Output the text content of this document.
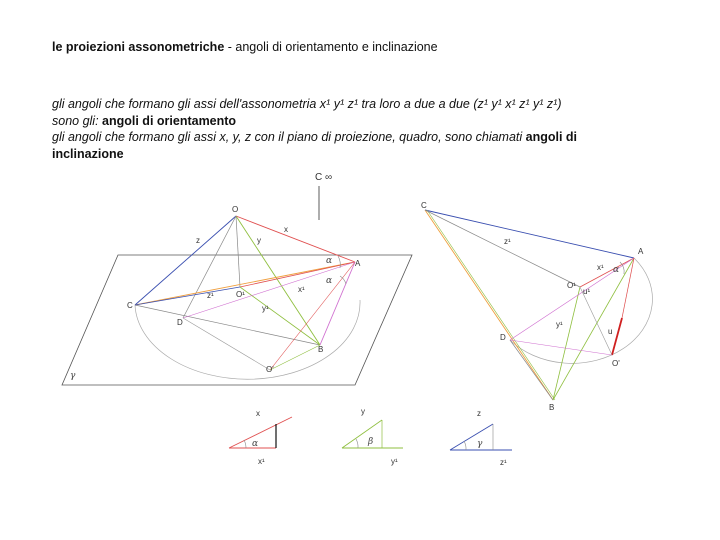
le proiezioni assonometriche - angoli di orientamento e inclinazione
gli angoli che formano gli assi dell'assonometria x¹ y¹ z¹ tra loro a due a due (z¹ y¹ x¹ z¹ y¹ z¹)
sono gli: angoli di orientamento
gli angoli che formano gli assi x, y, z con il piano di proiezione, quadro, sono chiamati angoli di
inclinazione
C ∞
O
x
z	y
A
C
D
B
O¹
O'
z¹
x¹
y¹
α
α
γ
C
A
z¹
x¹
O¹
u¹
D
y¹
u
O'
B
α
x
α
x¹
y
β
y¹
z
γ
z¹
